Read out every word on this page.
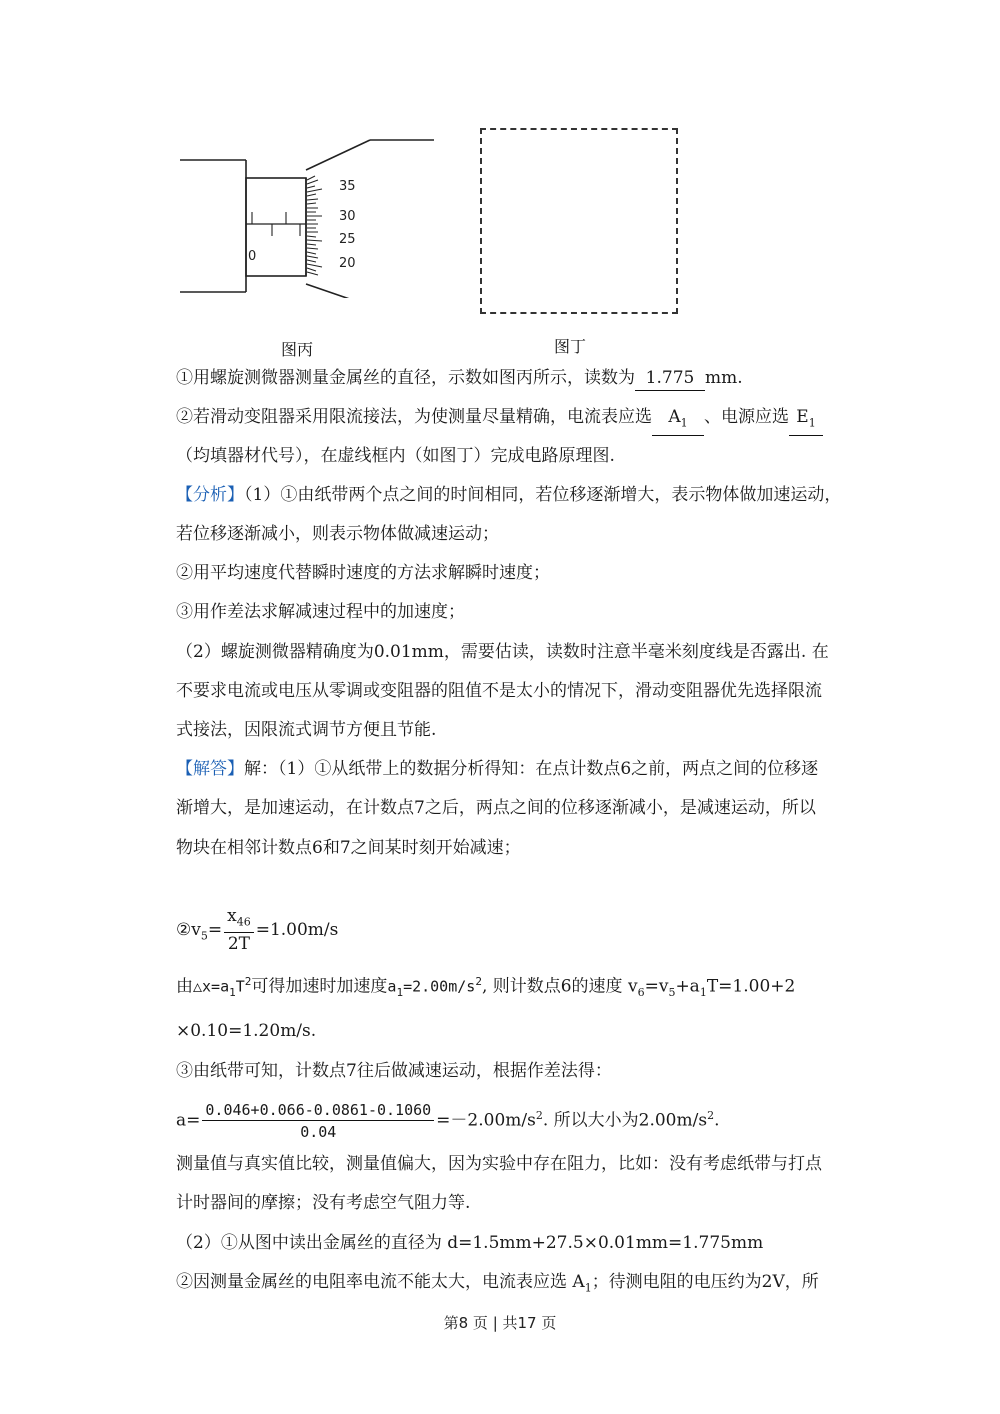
0
35
30
25
20
图丙	图丁
①用螺旋测微器测量金属丝的直径，示数如图丙所示，读数为 1.775 mm.
②若滑动变阻器采用限流接法，为使测量尽量精确，电流表应选 $A_1$ 、电源应选 $E_1$
（均填器材代号），在虚线框内（如图丁）完成电路原理图.
【分析】（1）①由纸带两个点之间的时间相同，若位移逐渐增大，表示物体做加速运动，
若位移逐渐减小，则表示物体做减速运动；
②用平均速度代替瞬时速度的方法求解瞬时速度；
③用作差法求解减速过程中的加速度；
（2）螺旋测微器精确度为0.01mm，需要估读，读数时注意半毫米刻度线是否露出. 在
不要求电流或电压从零调或变阻器的阻值不是太小的情况下，滑动变阻器优先选择限流
式接法，因限流式调节方便且节能.
【解答】解：（1）①从纸带上的数据分析得知：在点计数点6之前，两点之间的位移逐
渐增大，是加速运动，在计数点7之后，两点之间的位移逐渐减小，是减速运动，所以
物块在相邻计数点6和7之间某时刻开始减速；
$②v_5= \frac{x_{46}}{2T} =1.00m/s$
由$\triangle x=a_1T^2$可得加速时加速度$a_1=2.00m/s^2$, 则计数点6的速度 $v_6=v_5+a_1T=1.00+2$
×0.10=1.20m/s.
③由纸带可知，计数点7往后做减速运动，根据作差法得：
$a= \frac{0.046+0.066-0.0861-0.1060}{0.04} =-2.00m/s^2$. 所以大小为$2.00m/s^2$.
测量值与真实值比较，测量值偏大，因为实验中存在阻力，比如：没有考虑纸带与打点
计时器间的摩擦；没有考虑空气阻力等.
（2）①从图中读出金属丝的直径为 d=1.5mm+27.5×0.01mm=1.775mm
②因测量金属丝的电阻率电流不能太大，电流表应选 $A_1$；待测电阻的电压约为2V，所
第8 页 | 共17 页
